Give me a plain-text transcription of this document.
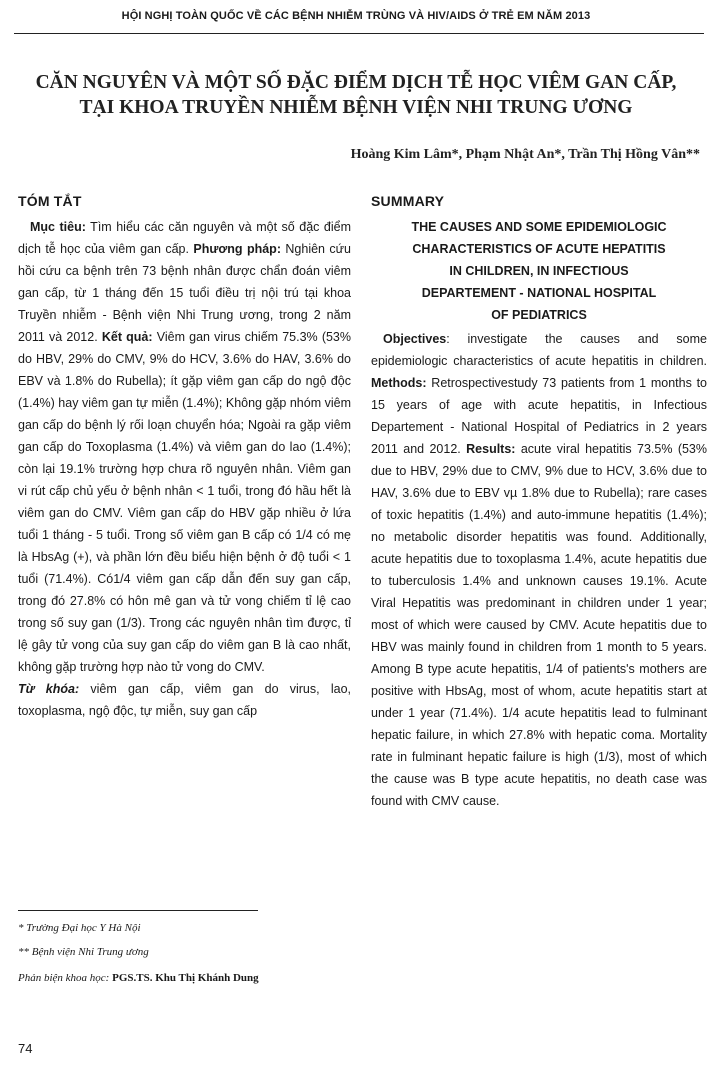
HỘI NGHỊ TOÀN QUỐC VỀ CÁC BỆNH NHIỄM TRÙNG VÀ HIV/AIDS Ở TRẺ EM NĂM 2013
CĂN NGUYÊN VÀ MỘT SỐ ĐẶC ĐIỂM DỊCH TỄ HỌC VIÊM GAN CẤP,
TẠI KHOA TRUYỀN NHIỄM BỆNH VIỆN NHI TRUNG ƯƠNG
Hoàng Kim Lâm*, Phạm Nhật An*, Trần Thị Hồng Vân**
TÓM TẮT

Mục tiêu: Tìm hiểu các căn nguyên và một số đặc điểm dịch tễ học của viêm gan cấp. Phương pháp: Nghiên cứu hồi cứu ca bệnh trên 73 bệnh nhân được chẩn đoán viêm gan cấp, từ 1 tháng đến 15 tuổi điều trị nội trú tại khoa Truyền nhiễm - Bệnh viện Nhi Trung ương, trong 2 năm 2011 và 2012. Kết quả: Viêm gan virus chiếm 75.3% (53% do HBV, 29% do CMV, 9% do HCV, 3.6% do HAV, 3.6% do EBV và 1.8% do Rubella); ít gặp viêm gan cấp do ngộ độc (1.4%) hay viêm gan tự miễn (1.4%); Không gặp nhóm viêm gan cấp do bệnh lý rối loạn chuyển hóa; Ngoài ra gặp viêm gan cấp do Toxoplasma (1.4%) và viêm gan do lao (1.4%); còn lại 19.1% trường hợp chưa rõ nguyên nhân. Viêm gan vi rút cấp chủ yếu ở bệnh nhân < 1 tuổi, trong đó hầu hết là viêm gan do CMV. Viêm gan cấp do HBV gặp nhiều ở lứa tuổi 1 tháng - 5 tuổi. Trong số viêm gan B cấp có 1/4 có mẹ là HbsAg (+), và phần lớn đều biểu hiện bệnh ở độ tuổi < 1 tuổi (71.4%). Có1/4 viêm gan cấp dẫn đến suy gan cấp, trong đó 27.8% có hôn mê gan và tử vong chiếm tỉ lệ cao trong số suy gan (1/3). Trong các nguyên nhân tìm được, tỉ lệ gây tử vong của suy gan cấp do viêm gan B là cao nhất, không gặp trường hợp nào tử vong do CMV.

Từ khóa: viêm gan cấp, viêm gan do virus, lao, toxoplasma, ngộ độc, tự miễn, suy gan cấp

SUMMARY
THE CAUSES AND SOME EPIDEMIOLOGIC
CHARACTERISTICS OF ACUTE HEPATITIS
IN CHILDREN, IN INFECTIOUS
DEPARTEMENT - NATIONAL HOSPITAL
OF PEDIATRICS

Objectives: investigate the causes and some epidemiologic characteristics of acute hepatitis in children. Methods: Retrospectivestudy 73 patients from 1 months to 15 years of age with acute hepatitis, in Infectious Departement - National Hospital of Pediatrics in 2 years 2011 and 2012. Results: acute viral hepatitis 73.5% (53% due to HBV, 29% due to CMV, 9% due to HCV, 3.6% due to HAV, 3.6% due to EBV vµ 1.8% due to Rubella); rare cases of toxic hepatitis (1.4%) and auto-immune hepatitis (1.4%); no metabolic disorder hepatitis was found. Additionally, acute hepatitis due to toxoplasma 1.4%, acute hepatitis due to tuberculosis 1.4% and unknown causes 19.1%. Acute Viral Hepatitis was predominant in children under 1 year; most of which were caused by CMV. Acute hepatitis due to HBV was mainly found in children from 1 month to 5 years. Among B type acute hepatitis, 1/4 of patients's mothers are positive with HbsAg, most of whom, acute hepatitis start at under 1 year (71.4%). 1/4 acute hepatitis lead to fulminant hepatic failure, in which 27.8% with hepatic coma. Mortality rate in fulminant hepatic failure is high (1/3), most of which the cause was B type acute hepatitis, no death case was found with CMV cause.

* Trường Đại học Y Hà Nội
** Bệnh viện Nhi Trung ương
Phản biện khoa học: PGS.TS. Khu Thị Khánh Dung
74
